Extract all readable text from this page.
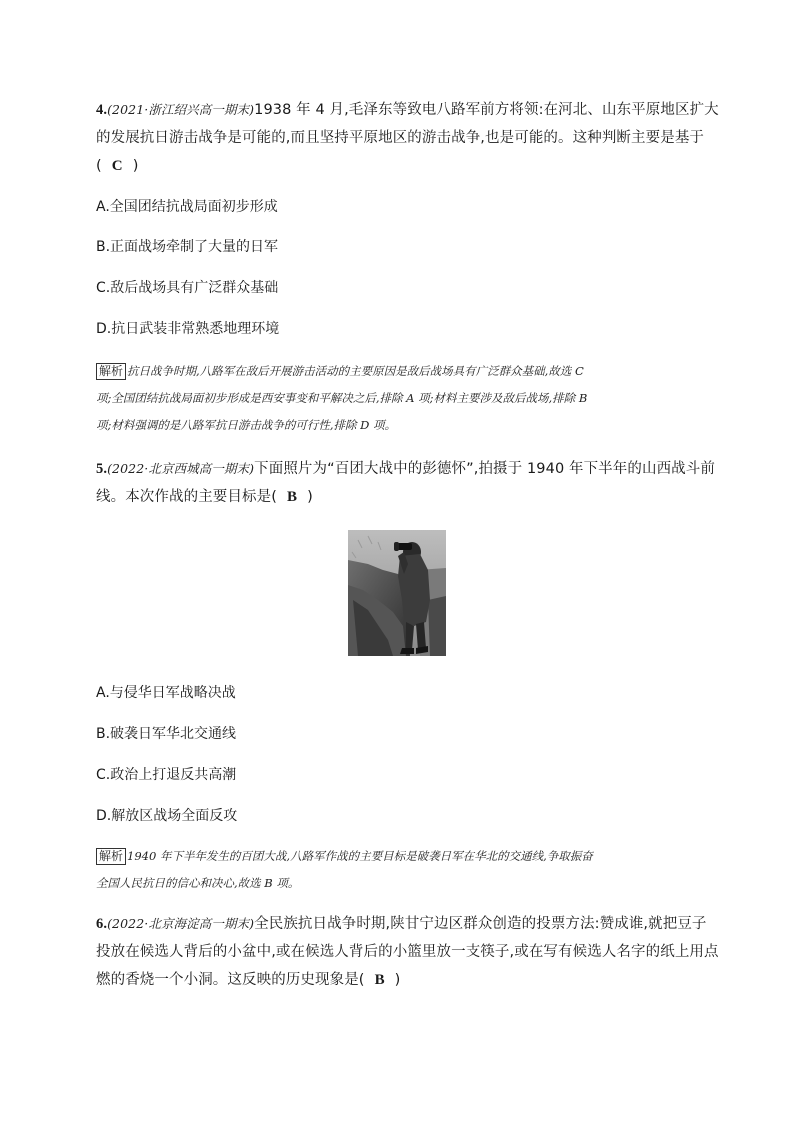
4.(2021·浙江绍兴高一期末)1938 年 4 月,毛泽东等致电八路军前方将领:在河北、山东平原地区扩大
的发展抗日游击战争是可能的,而且坚持平原地区的游击战争,也是可能的。这种判断主要是基于
( C )
A.全国团结抗战局面初步形成
B.正面战场牵制了大量的日军
C.敌后战场具有广泛群众基础
D.抗日武装非常熟悉地理环境
解析 抗日战争时期,八路军在敌后开展游击活动的主要原因是敌后战场具有广泛群众基础,故选 C
项;全国团结抗战局面初步形成是西安事变和平解决之后,排除 A 项;材料主要涉及敌后战场,排除 B
项;材料强调的是八路军抗日游击战争的可行性,排除 D 项。
5.(2022·北京西城高一期末)下面照片为“百团大战中的彭德怀”,拍摄于 1940 年下半年的山西战斗前
线。本次作战的主要目标是( B )
A.与侵华日军战略决战
B.破袭日军华北交通线
C.政治上打退反共高潮
D.解放区战场全面反攻
解析 1940 年下半年发生的百团大战,八路军作战的主要目标是破袭日军在华北的交通线,争取振奋
全国人民抗日的信心和决心,故选 B 项。
6.(2022·北京海淀高一期末)全民族抗日战争时期,陕甘宁边区群众创造的投票方法:赞成谁,就把豆子
投放在候选人背后的小盆中,或在候选人背后的小篮里放一支筷子,或在写有候选人名字的纸上用点
燃的香烧一个小洞。这反映的历史现象是( B )
